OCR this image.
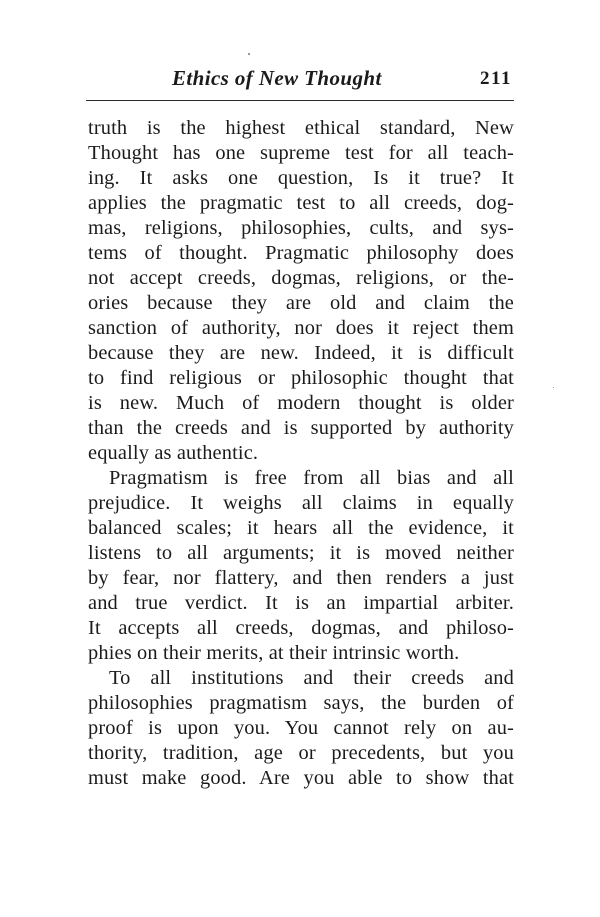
Ethics of New Thought	211
truth is the highest ethical standard, New
Thought has one supreme test for all teach-
ing. It asks one question, Is it true? It
applies the pragmatic test to all creeds, dog-
mas, religions, philosophies, cults, and sys-
tems of thought. Pragmatic philosophy does
not accept creeds, dogmas, religions, or the-
ories because they are old and claim the
sanction of authority, nor does it reject them
because they are new. Indeed, it is difficult
to find religious or philosophic thought that
is new. Much of modern thought is older
than the creeds and is supported by authority
equally as authentic.
Pragmatism is free from all bias and all
prejudice. It weighs all claims in equally
balanced scales; it hears all the evidence, it
listens to all arguments; it is moved neither
by fear, nor flattery, and then renders a just
and true verdict. It is an impartial arbiter.
It accepts all creeds, dogmas, and philoso-
phies on their merits, at their intrinsic worth.
To all institutions and their creeds and
philosophies pragmatism says, the burden of
proof is upon you. You cannot rely on au-
thority, tradition, age or precedents, but you
must make good. Are you able to show that
